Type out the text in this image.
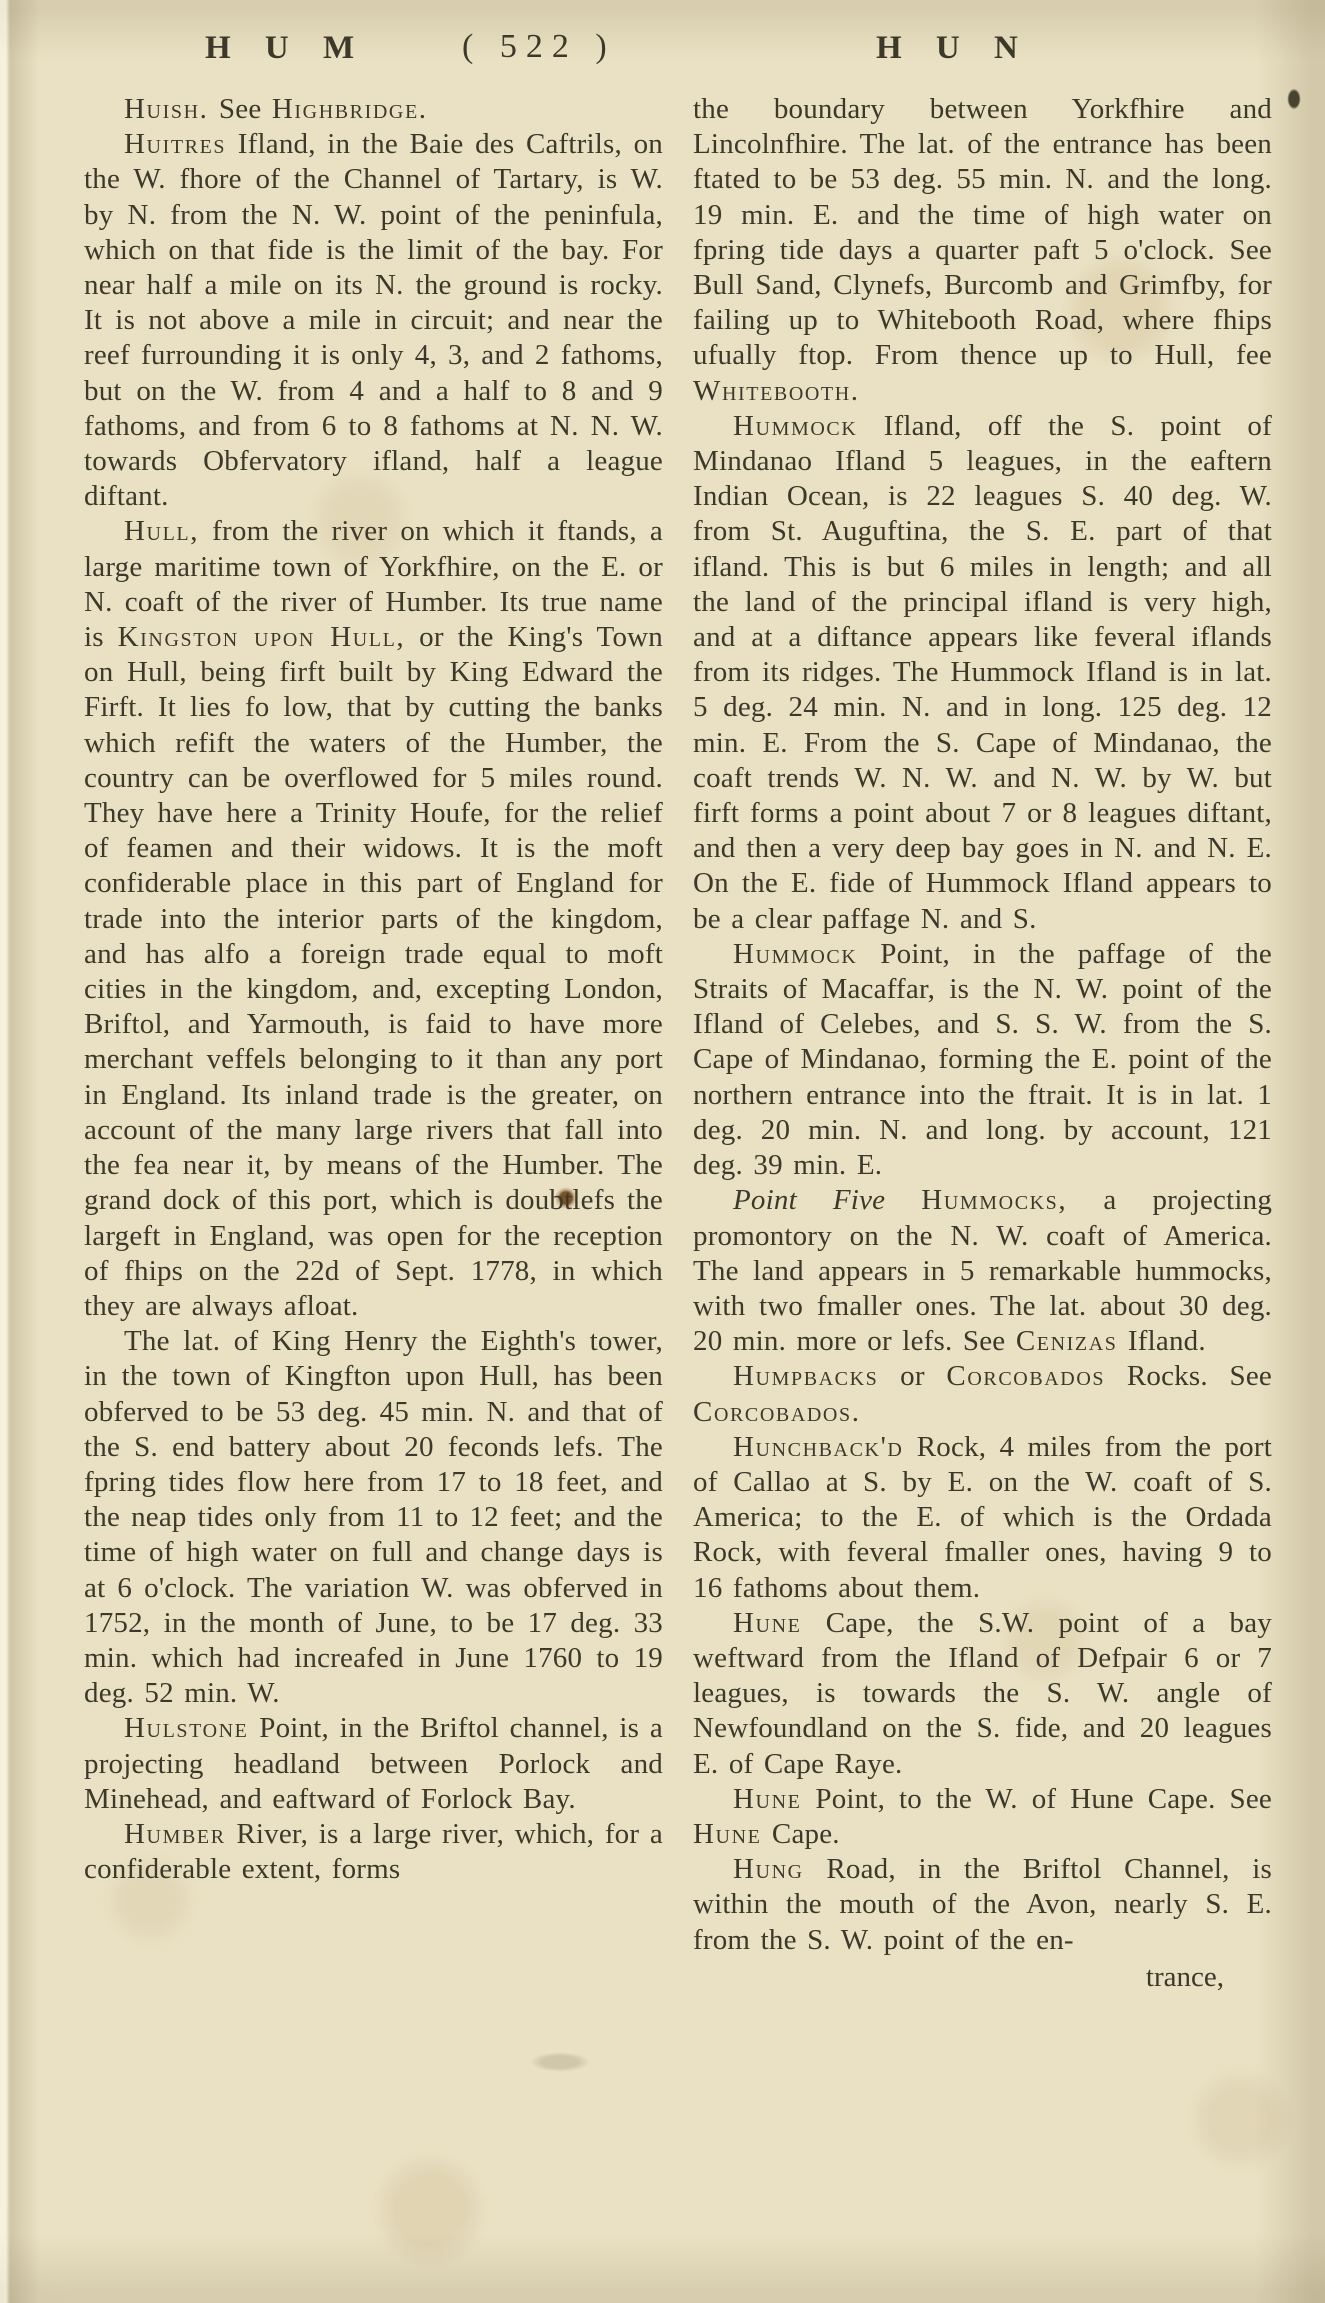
H U M	( 522 )	H U N

Huish. See Highbridge.

Huitres Ifland, in the Baie des Caftrils, on the W. fhore of the Channel of Tartary, is W. by N. from the N. W. point of the peninfula, which on that fide is the limit of the bay. For near half a mile on its N. the ground is rocky. It is not above a mile in circuit; and near the reef furrounding it is only 4, 3, and 2 fathoms, but on the W. from 4 and a half to 8 and 9 fathoms, and from 6 to 8 fathoms at N. N. W. towards Obfervatory ifland, half a league diftant.

Hull, from the river on which it ftands, a large maritime town of Yorkfhire, on the E. or N. coaft of the river of Humber. Its true name is Kingston upon Hull, or the King's Town on Hull, being firft built by King Edward the Firft. It lies fo low, that by cutting the banks which refift the waters of the Humber, the country can be overflowed for 5 miles round. They have here a Trinity Houfe, for the relief of feamen and their widows. It is the moft confiderable place in this part of England for trade into the interior parts of the kingdom, and has alfo a foreign trade equal to moft cities in the kingdom, and, excepting London, Briftol, and Yarmouth, is faid to have more merchant veffels belonging to it than any port in England. Its inland trade is the greater, on account of the many large rivers that fall into the fea near it, by means of the Humber. The grand dock of this port, which is doubtlefs the largeft in England, was open for the reception of fhips on the 22d of Sept. 1778, in which they are always afloat.

The lat. of King Henry the Eighth's tower, in the town of Kingfton upon Hull, has been obferved to be 53 deg. 45 min. N. and that of the S. end battery about 20 feconds lefs. The fpring tides flow here from 17 to 18 feet, and the neap tides only from 11 to 12 feet; and the time of high water on full and change days is at 6 o'clock. The variation W. was obferved in 1752, in the month of June, to be 17 deg. 33 min. which had increafed in June 1760 to 19 deg. 52 min. W.

Hulstone Point, in the Briftol channel, is a projecting headland between Porlock and Minehead, and eaftward of Forlock Bay.

Humber River, is a large river, which, for a confiderable extent, forms

the boundary between Yorkfhire and Lincolnfhire. The lat. of the entrance has been ftated to be 53 deg. 55 min. N. and the long. 19 min. E. and the time of high water on fpring tide days a quarter paft 5 o'clock. See Bull Sand, Clynefs, Burcomb and Grimfby, for failing up to Whitebooth Road, where fhips ufually ftop. From thence up to Hull, fee Whitebooth.

Hummock Ifland, off the S. point of Mindanao Ifland 5 leagues, in the eaftern Indian Ocean, is 22 leagues S. 40 deg. W. from St. Auguftina, the S. E. part of that ifland. This is but 6 miles in length; and all the land of the principal ifland is very high, and at a diftance appears like feveral iflands from its ridges. The Hummock Ifland is in lat. 5 deg. 24 min. N. and in long. 125 deg. 12 min. E. From the S. Cape of Mindanao, the coaft trends W. N. W. and N. W. by W. but firft forms a point about 7 or 8 leagues diftant, and then a very deep bay goes in N. and N. E. On the E. fide of Hummock Ifland appears to be a clear paffage N. and S.

Hummock Point, in the paffage of the Straits of Macaffar, is the N. W. point of the Ifland of Celebes, and S. S. W. from the S. Cape of Mindanao, forming the E. point of the northern entrance into the ftrait. It is in lat. 1 deg. 20 min. N. and long. by account, 121 deg. 39 min. E.

Point Five Hummocks, a projecting promontory on the N. W. coaft of America. The land appears in 5 remarkable hummocks, with two fmaller ones. The lat. about 30 deg. 20 min. more or lefs. See Cenizas Ifland.

Humpbacks or Corcobados Rocks. See Corcobados.

Hunchback'd Rock, 4 miles from the port of Callao at S. by E. on the W. coaft of S. America; to the E. of which is the Ordada Rock, with feveral fmaller ones, having 9 to 16 fathoms about them.

Hune Cape, the S.W. point of a bay weftward from the Ifland of Defpair 6 or 7 leagues, is towards the S. W. angle of Newfoundland on the S. fide, and 20 leagues E. of Cape Raye.

Hune Point, to the W. of Hune Cape. See Hune Cape.

Hung Road, in the Briftol Channel, is within the mouth of the Avon, nearly S. E. from the S. W. point of the en-

trance,
